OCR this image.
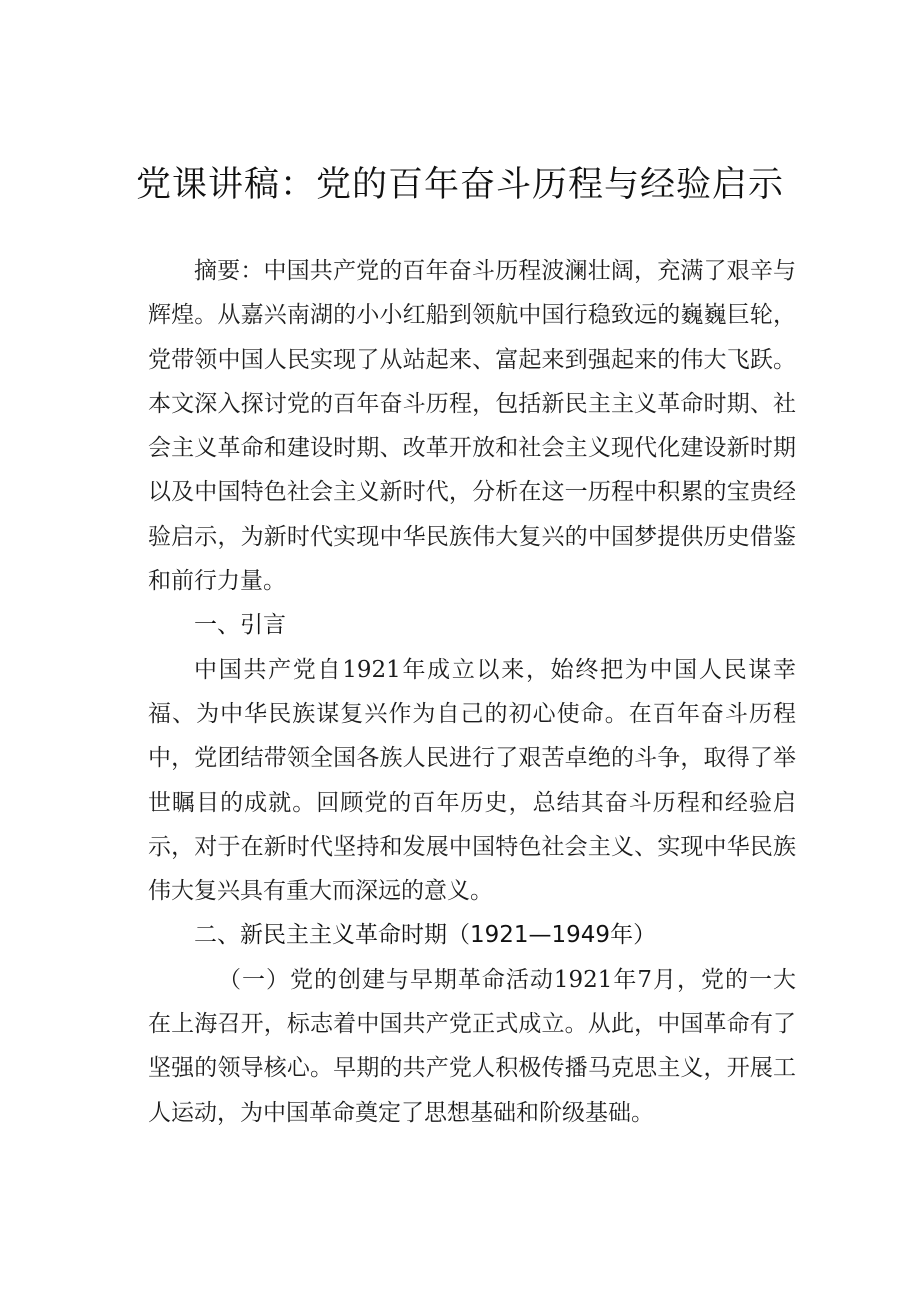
党课讲稿：党的百年奋斗历程与经验启示

摘要：中国共产党的百年奋斗历程波澜壮阔，充满了艰辛与辉煌。从嘉兴南湖的小小红船到领航中国行稳致远的巍巍巨轮，党带领中国人民实现了从站起来、富起来到强起来的伟大飞跃。本文深入探讨党的百年奋斗历程，包括新民主主义革命时期、社会主义革命和建设时期、改革开放和社会主义现代化建设新时期以及中国特色社会主义新时代，分析在这一历程中积累的宝贵经验启示，为新时代实现中华民族伟大复兴的中国梦提供历史借鉴和前行力量。

一、引言

中国共产党自1921年成立以来，始终把为中国人民谋幸福、为中华民族谋复兴作为自己的初心使命。在百年奋斗历程中，党团结带领全国各族人民进行了艰苦卓绝的斗争，取得了举世瞩目的成就。回顾党的百年历史，总结其奋斗历程和经验启示，对于在新时代坚持和发展中国特色社会主义、实现中华民族伟大复兴具有重大而深远的意义。

二、新民主主义革命时期（1921—1949年）

（一）党的创建与早期革命活动1921年7月，党的一大在上海召开，标志着中国共产党正式成立。从此，中国革命有了坚强的领导核心。早期的共产党人积极传播马克思主义，开展工人运动，为中国革命奠定了思想基础和阶级基础。
